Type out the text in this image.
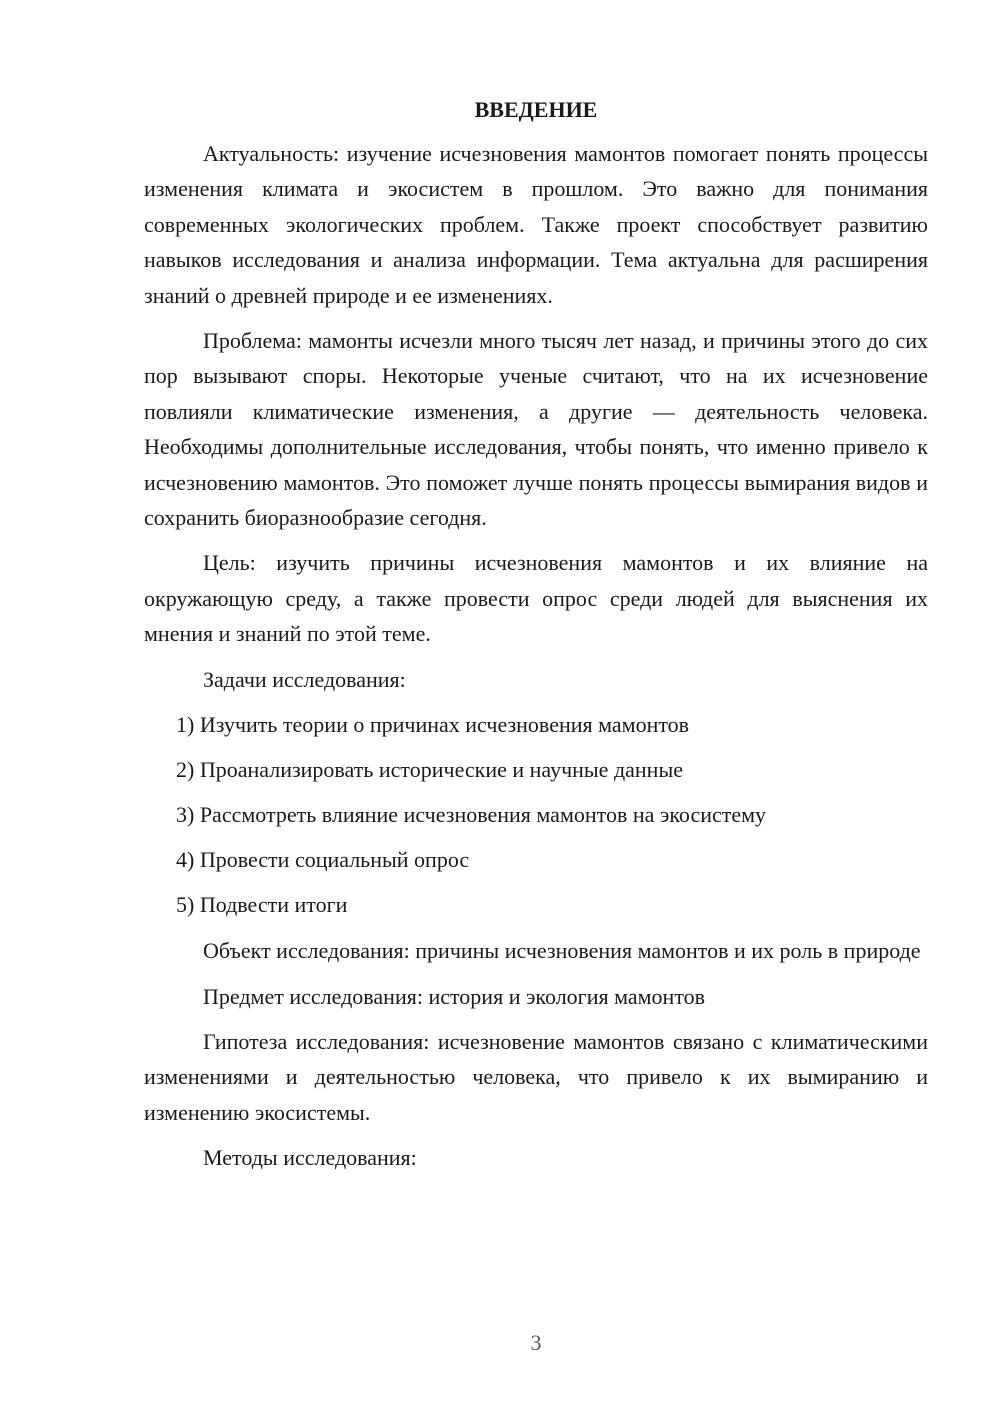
ВВЕДЕНИЕ

Актуальность: изучение исчезновения мамонтов помогает понять процессы изменения климата и экосистем в прошлом. Это важно для понимания современных экологических проблем. Также проект способствует развитию навыков исследования и анализа информации. Тема актуальна для расширения знаний о древней природе и ее изменениях.

Проблема: мамонты исчезли много тысяч лет назад, и причины этого до сих пор вызывают споры. Некоторые ученые считают, что на их исчезновение повлияли климатические изменения, а другие — деятельность человека. Необходимы дополнительные исследования, чтобы понять, что именно привело к исчезновению мамонтов. Это поможет лучше понять процессы вымирания видов и сохранить биоразнообразие сегодня.

Цель: изучить причины исчезновения мамонтов и их влияние на окружающую среду, а также провести опрос среди людей для выяснения их мнения и знаний по этой теме.

Задачи исследования:

1) Изучить теории о причинах исчезновения мамонтов
2) Проанализировать исторические и научные данные
3) Рассмотреть влияние исчезновения мамонтов на экосистему
4) Провести социальный опрос
5) Подвести итоги

Объект исследования: причины исчезновения мамонтов и их роль в природе

Предмет исследования: история и экология мамонтов

Гипотеза исследования: исчезновение мамонтов связано с климатическими изменениями и деятельностью человека, что привело к их вымиранию и изменению экосистемы.

Методы исследования:

3
